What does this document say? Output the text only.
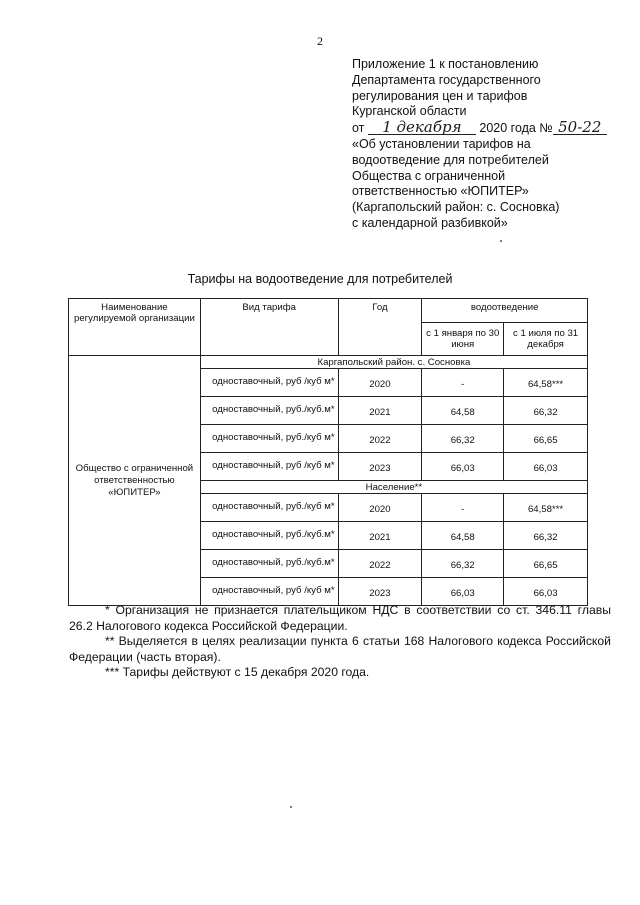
2
Приложение 1 к постановлению
Департамента государственного
регулирования цен и тарифов
Курганской области
от 1 декабря 2020 года № 50-22
«Об установлении тарифов на
водоотведение для потребителей
Общества с ограниченной
ответственностью «ЮПИТЕР»
(Каргапольский район: с. Сосновка)
с календарной разбивкой»
Тарифы на водоотведение для потребителей
Наименование регулируемой организации	Вид тарифа	Год	водоотведение	
			с 1 января по 30 июня	с 1 июля по 31 декабря
Общество с ограниченной ответственностью «ЮПИТЕР»	Каргапольский район. с. Сосновка			
	одноставочный, руб /куб м*	2020	-	64,58***
	одноставочный, руб./куб.м*	2021	64,58	66,32
	одноставочный, руб./куб м*	2022	66,32	66,65
	одноставочный, руб /куб м*	2023	66,03	66,03
	Население**			
	одноставочный, руб./куб м*	2020	-	64,58***
	одноставочный, руб./куб.м*	2021	64,58	66,32
	одноставочный, руб./куб.м*	2022	66,32	66,65
	одноставочный, руб /куб м*	2023	66,03	66,03

* Организация не признается плательщиком НДС в соответствии со ст. 346.11 главы 26.2 Налогового кодекса Российской Федерации.

** Выделяется в целях реализации пункта 6 статьи 168 Налогового кодекса Российской Федерации (часть вторая).

*** Тарифы действуют с 15 декабря 2020 года.
